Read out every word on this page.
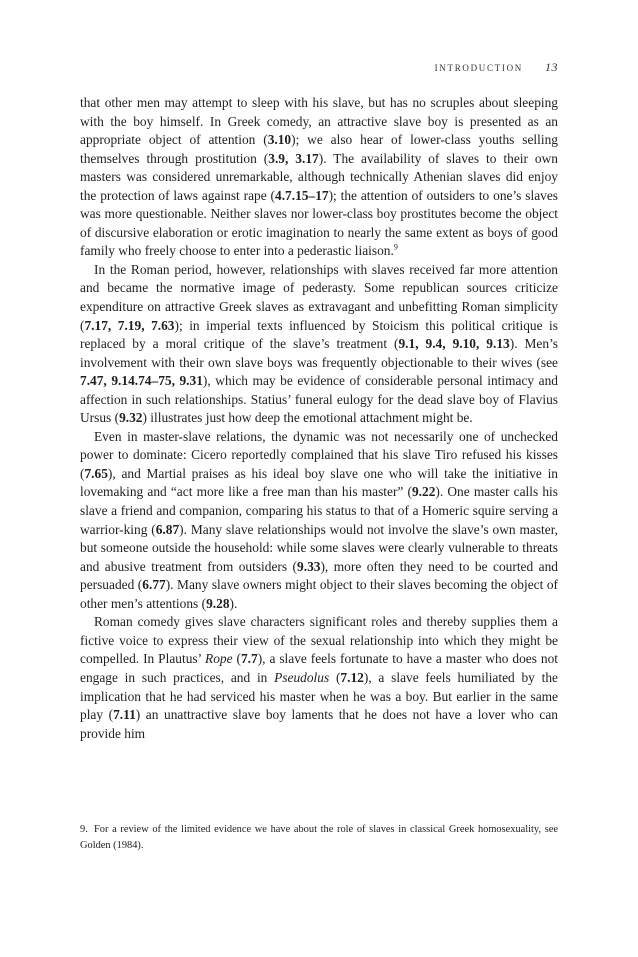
INTRODUCTION 13

that other men may attempt to sleep with his slave, but has no scruples about sleeping with the boy himself. In Greek comedy, an attractive slave boy is presented as an appropriate object of attention (3.10); we also hear of lower-class youths selling themselves through prostitution (3.9, 3.17). The availability of slaves to their own masters was considered unremarkable, although technically Athenian slaves did enjoy the protection of laws against rape (4.7.15–17); the attention of outsiders to one’s slaves was more questionable. Neither slaves nor lower-class boy prostitutes become the object of discursive elaboration or erotic imagination to nearly the same extent as boys of good family who freely choose to enter into a pederastic liaison.$^9$

In the Roman period, however, relationships with slaves received far more attention and became the normative image of pederasty. Some republican sources criticize expenditure on attractive Greek slaves as extravagant and unbefitting Roman simplicity (7.17, 7.19, 7.63); in imperial texts influenced by Stoicism this political critique is replaced by a moral critique of the slave’s treatment (9.1, 9.4, 9.10, 9.13). Men’s involvement with their own slave boys was frequently objectionable to their wives (see 7.47, 9.14.74–75, 9.31), which may be evidence of considerable personal intimacy and affection in such relationships. Statius’ funeral eulogy for the dead slave boy of Flavius Ursus (9.32) illustrates just how deep the emotional attachment might be.

Even in master-slave relations, the dynamic was not necessarily one of unchecked power to dominate: Cicero reportedly complained that his slave Tiro refused his kisses (7.65), and Martial praises as his ideal boy slave one who will take the initiative in lovemaking and “act more like a free man than his master” (9.22). One master calls his slave a friend and companion, comparing his status to that of a Homeric squire serving a warrior-king (6.87). Many slave relationships would not involve the slave’s own master, but someone outside the household: while some slaves were clearly vulnerable to threats and abusive treatment from outsiders (9.33), more often they need to be courted and persuaded (6.77). Many slave owners might object to their slaves becoming the object of other men’s attentions (9.28).

Roman comedy gives slave characters significant roles and thereby supplies them a fictive voice to express their view of the sexual relationship into which they might be compelled. In Plautus’ Rope (7.7), a slave feels fortunate to have a master who does not engage in such practices, and in Pseudolus (7.12), a slave feels humiliated by the implication that he had serviced his master when he was a boy. But earlier in the same play (7.11) an unattractive slave boy laments that he does not have a lover who can provide him

9. For a review of the limited evidence we have about the role of slaves in classical Greek homosexuality, see Golden (1984).
